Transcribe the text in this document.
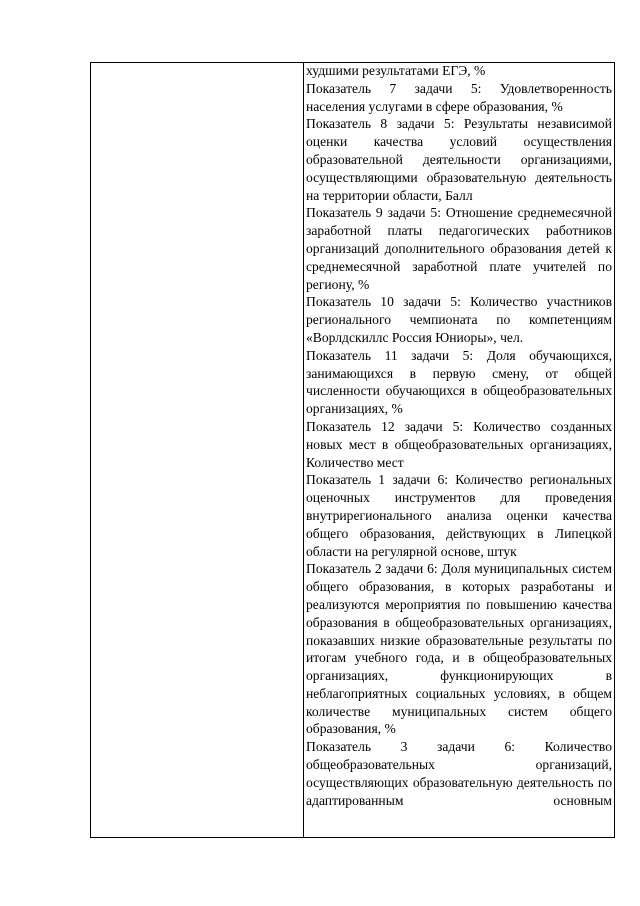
худшими результатами ЕГЭ, %

Показатель 7 задачи 5: Удовлетворенность населения услугами в сфере образования, %

Показатель 8 задачи 5: Результаты независимой оценки качества условий осуществления образовательной деятельности организациями, осуществляющими образовательную деятельность на территории области, Балл

Показатель 9 задачи 5: Отношение среднемесячной заработной платы педагогических работников организаций дополнительного образования детей к среднемесячной заработной плате учителей по региону, %

Показатель 10 задачи 5: Количество участников регионального чемпионата по компетенциям «Ворлдскиллс Россия Юниоры», чел.

Показатель 11 задачи 5: Доля обучающихся, занимающихся в первую смену, от общей численности обучающихся в общеобразовательных организациях, %

Показатель 12 задачи 5: Количество созданных новых мест в общеобразовательных организациях, Количество мест

Показатель 1 задачи 6: Количество региональных оценочных инструментов для проведения внутрирегионального анализа оценки качества общего образования, действующих в Липецкой области на регулярной основе, штук

Показатель 2 задачи 6: Доля муниципальных систем общего образования, в которых разработаны и реализуются мероприятия по повышению качества образования в общеобразовательных организациях, показавших низкие образовательные результаты по итогам учебного года, и в общеобразовательных организациях, функционирующих в неблагоприятных социальных условиях, в общем количестве муниципальных систем общего образования, %

Показатель 3 задачи 6: Количество общеобразовательных организаций, осуществляющих образовательную деятельность по адаптированным основным
